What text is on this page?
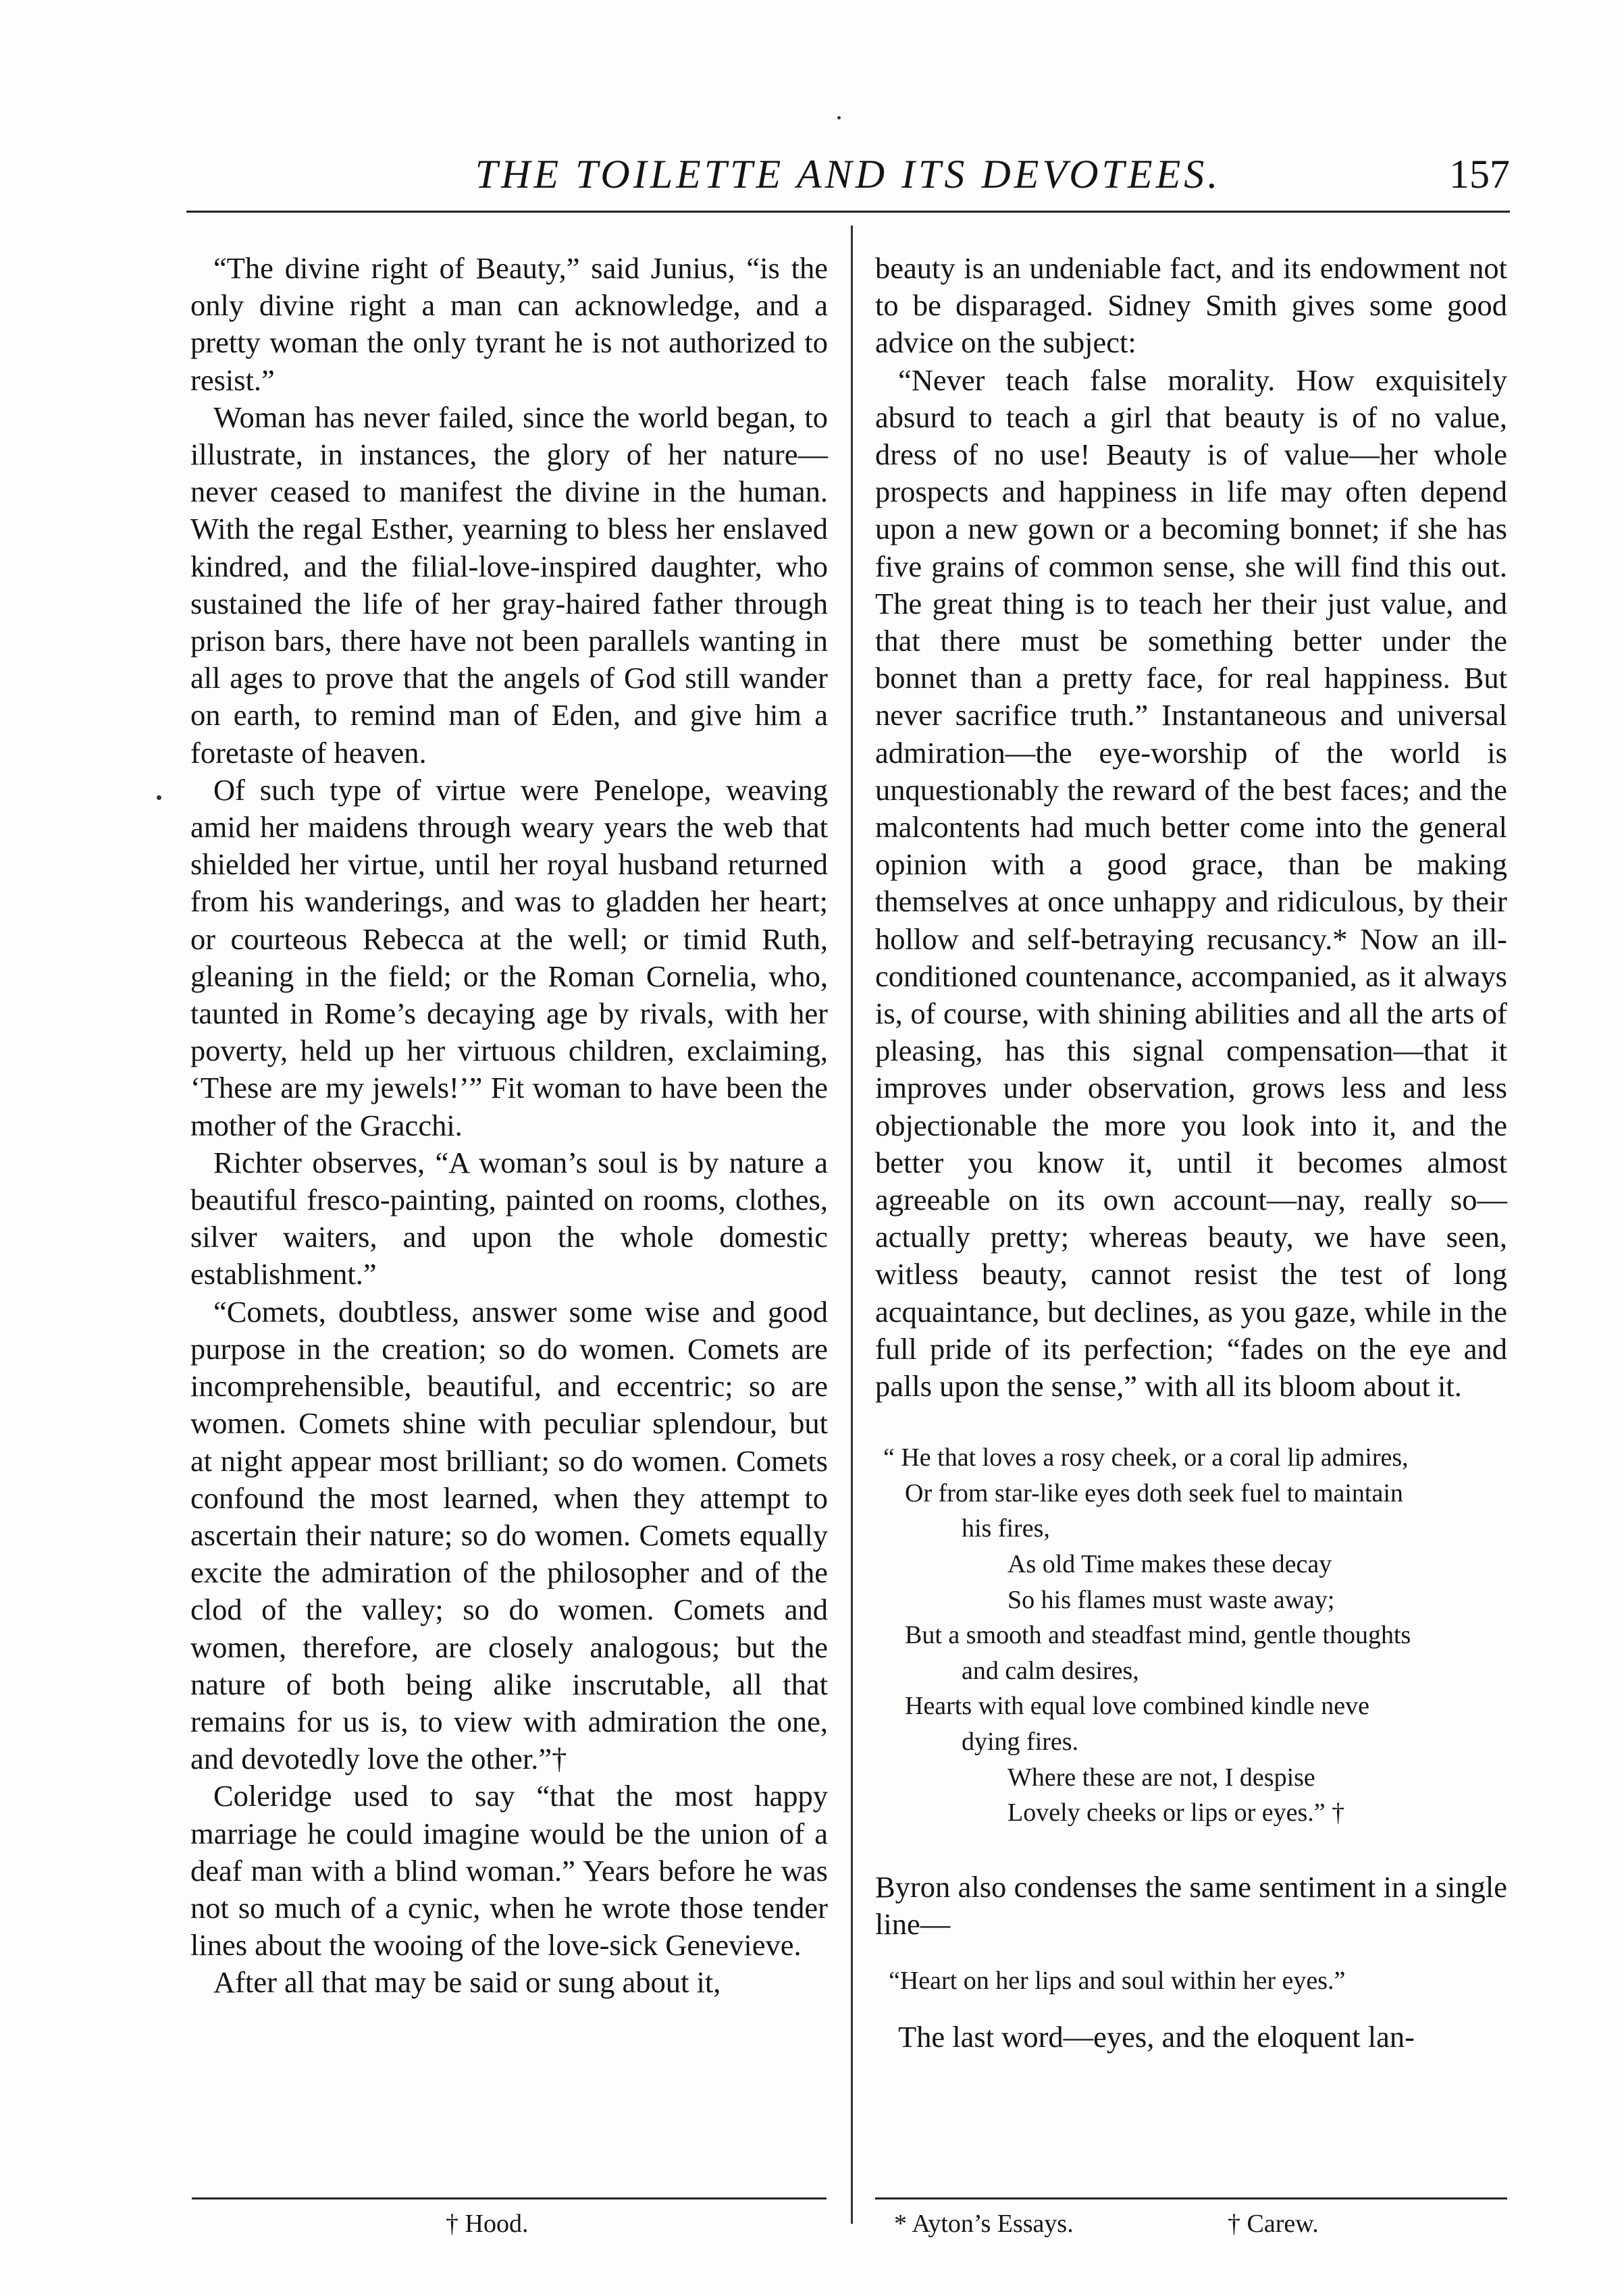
THE TOILETTE AND ITS DEVOTEES.	157

“The divine right of Beauty,” said Junius, “is the only divine right a man can acknowledge, and a pretty woman the only tyrant he is not authorized to resist.”

Woman has never failed, since the world began, to illustrate, in instances, the glory of her nature—never ceased to manifest the divine in the human. With the regal Esther, yearning to bless her enslaved kindred, and the filial-love-inspired daughter, who sustained the life of her gray-haired father through prison bars, there have not been parallels wanting in all ages to prove that the angels of God still wander on earth, to remind man of Eden, and give him a foretaste of heaven.

Of such type of virtue were Penelope, weaving amid her maidens through weary years the web that shielded her virtue, until her royal husband returned from his wanderings, and was to gladden her heart; or courteous Rebecca at the well; or timid Ruth, gleaning in the field; or the Roman Cornelia, who, taunted in Rome’s decaying age by rivals, with her poverty, held up her virtuous children, exclaiming, ‘These are my jewels!’” Fit woman to have been the mother of the Gracchi.

Richter observes, “A woman’s soul is by nature a beautiful fresco-painting, painted on rooms, clothes, silver waiters, and upon the whole domestic establishment.”

“Comets, doubtless, answer some wise and good purpose in the creation; so do women. Comets are incomprehensible, beautiful, and eccentric; so are women. Comets shine with peculiar splendour, but at night appear most brilliant; so do women. Comets confound the most learned, when they attempt to ascertain their nature; so do women. Comets equally excite the admiration of the philosopher and of the clod of the valley; so do women. Comets and women, therefore, are closely analogous; but the nature of both being alike inscrutable, all that remains for us is, to view with admiration the one, and devotedly love the other.”†

Coleridge used to say “that the most happy marriage he could imagine would be the union of a deaf man with a blind woman.” Years before he was not so much of a cynic, when he wrote those tender lines about the wooing of the love-sick Genevieve.

After all that may be said or sung about it,

beauty is an undeniable fact, and its endowment not to be disparaged. Sidney Smith gives some good advice on the subject:

“Never teach false morality. How exquisitely absurd to teach a girl that beauty is of no value, dress of no use! Beauty is of value—her whole prospects and happiness in life may often depend upon a new gown or a becoming bonnet; if she has five grains of common sense, she will find this out. The great thing is to teach her their just value, and that there must be something better under the bonnet than a pretty face, for real happiness. But never sacrifice truth.” Instantaneous and universal admiration—the eye-worship of the world is unquestionably the reward of the best faces; and the malcontents had much better come into the general opinion with a good grace, than be making themselves at once unhappy and ridiculous, by their hollow and self-betraying recusancy.* Now an ill-conditioned countenance, accompanied, as it always is, of course, with shining abilities and all the arts of pleasing, has this signal compensation—that it improves under observation, grows less and less objectionable the more you look into it, and the better you know it, until it becomes almost agreeable on its own account—nay, really so—actually pretty; whereas beauty, we have seen, witless beauty, cannot resist the test of long acquaintance, but declines, as you gaze, while in the full pride of its perfection; “fades on the eye and palls upon the sense,” with all its bloom about it.

“ He that loves a rosy cheek, or a coral lip admires,
Or from star-like eyes doth seek fuel to maintain
his fires,
As old Time makes these decay
So his flames must waste away;
But a smooth and steadfast mind, gentle thoughts
and calm desires,
Hearts with equal love combined kindle neve
dying fires.
Where these are not, I despise
Lovely cheeks or lips or eyes.” †

Byron also condenses the same sentiment in a single line—

“Heart on her lips and soul within her eyes.”

The last word—eyes, and the eloquent lan-

† Hood.	* Ayton’s Essays.	† Carew.
